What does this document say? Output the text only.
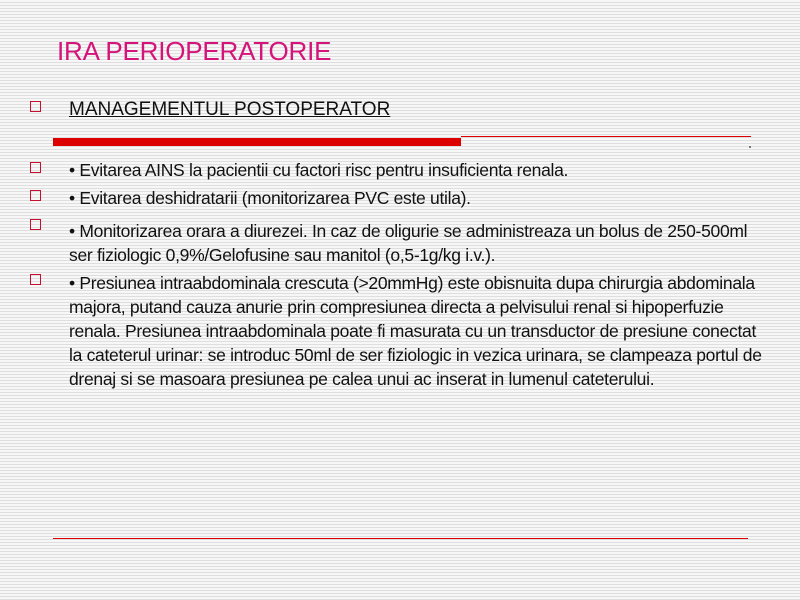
IRA PERIOPERATORIE
MANAGEMENTUL POSTOPERATOR
• Evitarea AINS la pacientii cu factori risc pentru insuficienta renala.
• Evitarea deshidratarii (monitorizarea PVC este utila).
• Monitorizarea orara a diurezei. In caz de oligurie se administreaza un bolus de 250-500ml ser fiziologic 0,9%/Gelofusine sau manitol (o,5-1g/kg i.v.).
• Presiunea intraabdominala crescuta (>20mmHg) este obisnuita dupa chirurgia abdominala majora, putand cauza anurie prin compresiunea directa a pelvisului renal si hipoperfuzie renala. Presiunea intraabdominala poate fi masurata cu un transductor de presiune conectat la cateterul urinar: se introduc 50ml de ser fiziologic in vezica urinara, se clampeaza portul de drenaj si se masoara presiunea pe calea unui ac inserat in lumenul cateterului.
